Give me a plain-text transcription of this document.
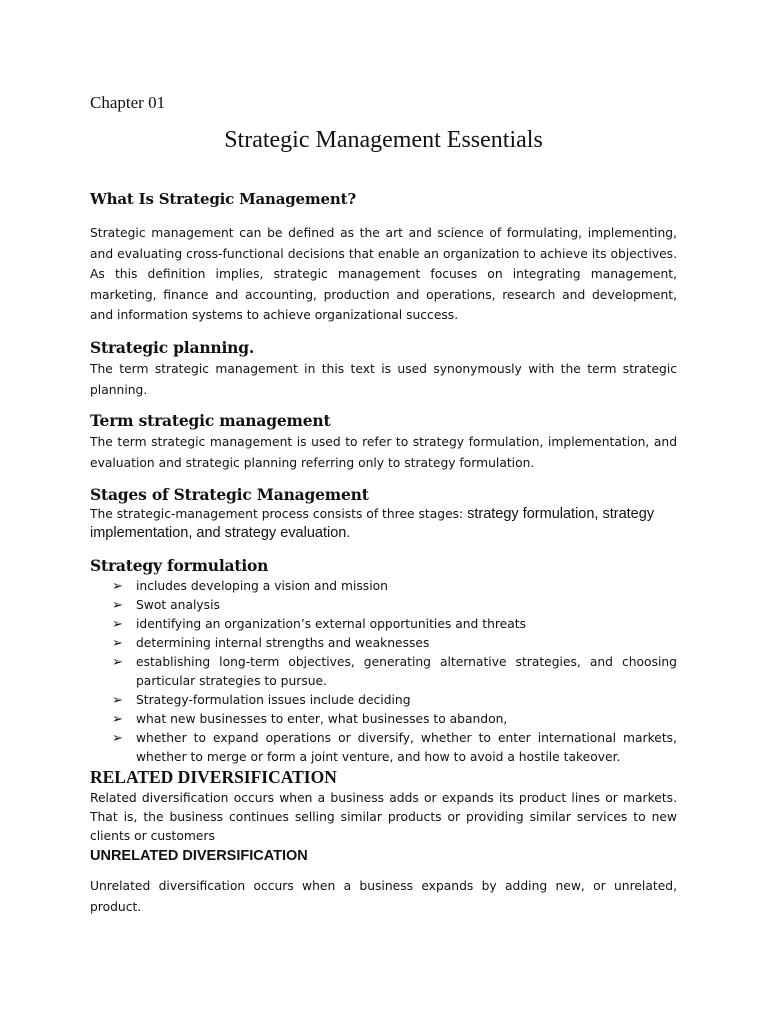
Chapter 01
Strategic Management Essentials
What Is Strategic Management?
Strategic management can be defined as the art and science of formulating, implementing, and evaluating cross-functional decisions that enable an organization to achieve its objectives. As this definition implies, strategic management focuses on integrating management, marketing, finance and accounting, production and operations, research and development, and information systems to achieve organizational success.
Strategic planning.
The term strategic management in this text is used synonymously with the term strategic planning.
Term strategic management
The term strategic management is used to refer to strategy formulation, implementation, and evaluation and strategic planning referring only to strategy formulation.
Stages of Strategic Management
The strategic-management process consists of three stages: strategy formulation, strategy implementation, and strategy evaluation.
Strategy formulation
➢ includes developing a vision and mission
➢ Swot analysis
➢ identifying an organization’s external opportunities and threats
➢ determining internal strengths and weaknesses
➢ establishing long-term objectives, generating alternative strategies, and choosing particular strategies to pursue.
➢ Strategy-formulation issues include deciding
➢ what new businesses to enter, what businesses to abandon,
➢ whether to expand operations or diversify, whether to enter international markets, whether to merge or form a joint venture, and how to avoid a hostile takeover.
RELATED DIVERSIFICATION
Related diversification occurs when a business adds or expands its product lines or markets. That is, the business continues selling similar products or providing similar services to new clients or customers
UNRELATED DIVERSIFICATION
Unrelated diversification occurs when a business expands by adding new, or unrelated, product.
